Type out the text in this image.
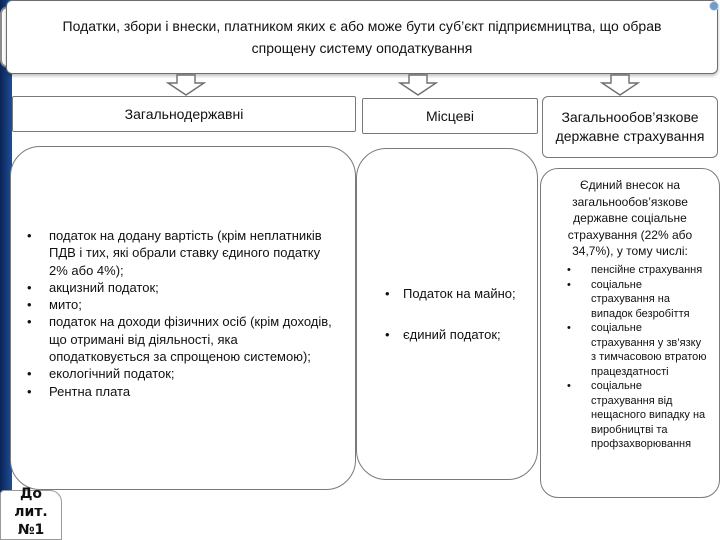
Податки, збори і внески, платником яких є або може бути суб’єкт підприємництва, що обрав спрощену систему оподаткування
Загальнодержавні	Місцеві	Загальнообов’язкове державне страхування
• податок на додану вартість (крім неплатників ПДВ і тих, які обрали ставку єдиного податку 2% або 4%);
• акцизний податок;
• мито;
• податок на доходи фізичних осіб (крім доходів, що отримані від діяльності, яка оподатковується за спрощеною системою);
• екологічний податок;
• Рентна плата
• Податок на майно;
• єдиний податок;
Єдиний внесок на загальнообов’язкове державне соціальне страхування (22% або 34,7%), у тому числі:
• пенсійне страхування
• соціальне страхування на випадок безробіття
• соціальне страхування у зв’язку з тимчасовою втратою працездатності
• соціальне страхування від нещасного випадку на виробництві та профзахворювання
До лит.
№1
